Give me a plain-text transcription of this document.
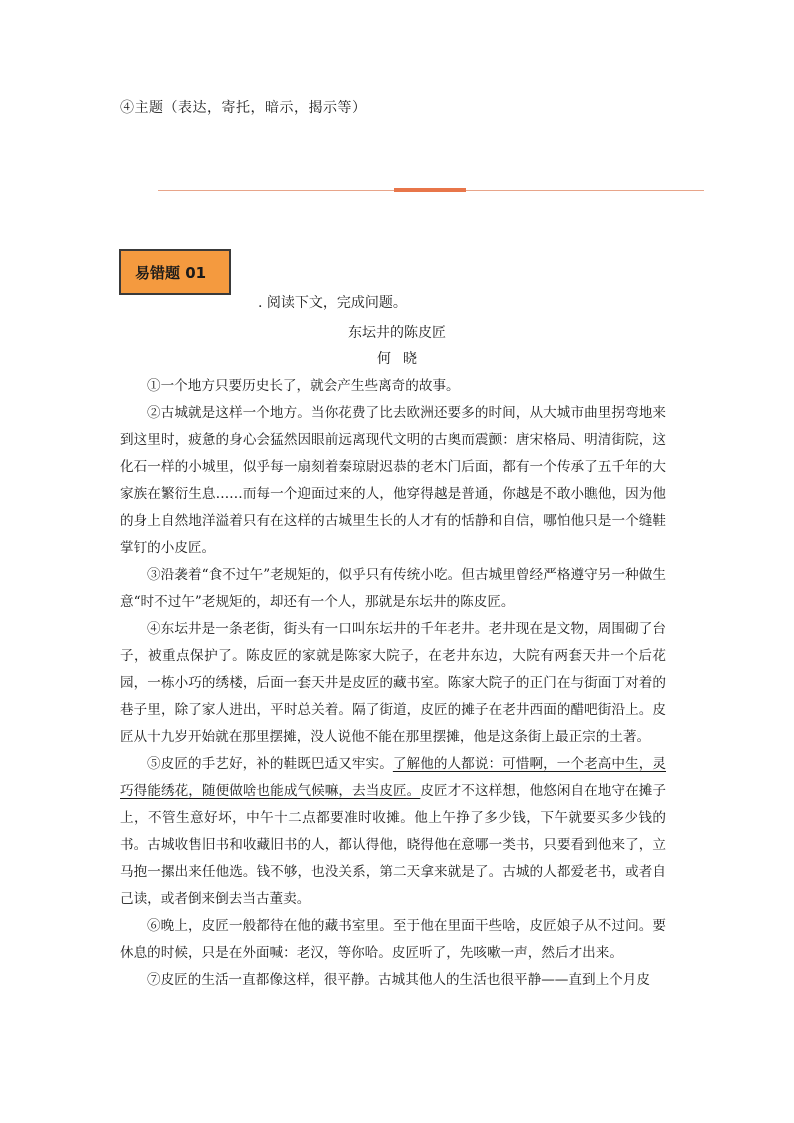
④主题（表达，寄托，暗示，揭示等）
易错题 01
. 阅读下文，完成问题。
东坛井的陈皮匠
何晓

①一个地方只要历史长了，就会产生些离奇的故事。

②古城就是这样一个地方。当你花费了比去欧洲还要多的时间，从大城市曲里拐弯地来到这里时，疲惫的身心会猛然因眼前远离现代文明的古奥而震颤：唐宋格局、明清街院，这化石一样的小城里，似乎每一扇刻着秦琼尉迟恭的老木门后面，都有一个传承了五千年的大家族在繁衍生息……而每一个迎面过来的人，他穿得越是普通，你越是不敢小瞧他，因为他的身上自然地洋溢着只有在这样的古城里生长的人才有的恬静和自信，哪怕他只是一个缝鞋掌钉的小皮匠。

③沿袭着“食不过午”老规矩的，似乎只有传统小吃。但古城里曾经严格遵守另一种做生意“时不过午”老规矩的，却还有一个人，那就是东坛井的陈皮匠。

④东坛井是一条老街，街头有一口叫东坛井的千年老井。老井现在是文物，周围砌了台子，被重点保护了。陈皮匠的家就是陈家大院子，在老井东边，大院有两套天井一个后花园，一栋小巧的绣楼，后面一套天井是皮匠的藏书室。陈家大院子的正门在与街面丁对着的巷子里，除了家人进出，平时总关着。隔了街道，皮匠的摊子在老井西面的醋吧街沿上。皮匠从十九岁开始就在那里摆摊，没人说他不能在那里摆摊，他是这条街上最正宗的土著。

⑤皮匠的手艺好，补的鞋既巴适又牢实。了解他的人都说：可惜啊，一个老高中生，灵巧得能绣花，随便做啥也能成气候嘛，去当皮匠。皮匠才不这样想，他悠闲自在地守在摊子上，不管生意好坏，中午十二点都要准时收摊。他上午挣了多少钱，下午就要买多少钱的书。古城收售旧书和收藏旧书的人，都认得他，晓得他在意哪一类书，只要看到他来了，立马抱一摞出来任他选。钱不够，也没关系，第二天拿来就是了。古城的人都爱老书，或者自己读，或者倒来倒去当古董卖。

⑥晚上，皮匠一般都待在他的藏书室里。至于他在里面干些啥，皮匠娘子从不过问。要休息的时候，只是在外面喊：老汉，等你哈。皮匠听了，先咳嗽一声，然后才出来。

⑦皮匠的生活一直都像这样，很平静。古城其他人的生活也很平静——直到上个月皮
